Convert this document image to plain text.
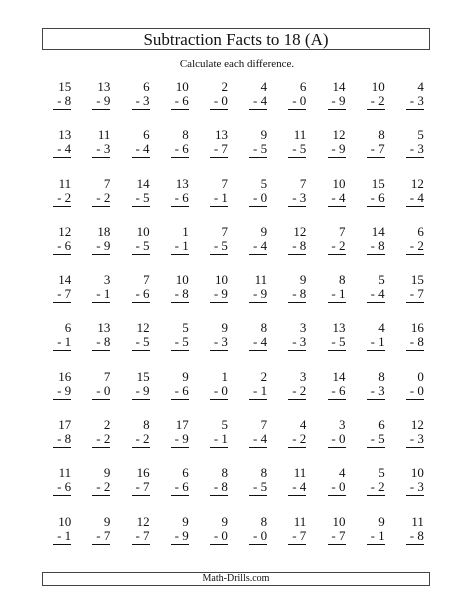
Subtraction Facts to 18 (A)
Calculate each difference.
15
- 8
13
- 9
6
- 3
10
- 6
2
- 0
4
- 4
6
- 0
14
- 9
10
- 2
4
- 3
13
- 4
11
- 3
6
- 4
8
- 6
13
- 7
9
- 5
11
- 5
12
- 9
8
- 7
5
- 3
11
- 2
7
- 2
14
- 5
13
- 6
7
- 1
5
- 0
7
- 3
10
- 4
15
- 6
12
- 4
12
- 6
18
- 9
10
- 5
1
- 1
7
- 5
9
- 4
12
- 8
7
- 2
14
- 8
6
- 2
14
- 7
3
- 1
7
- 6
10
- 8
10
- 9
11
- 9
9
- 8
8
- 1
5
- 4
15
- 7
6
- 1
13
- 8
12
- 5
5
- 5
9
- 3
8
- 4
3
- 3
13
- 5
4
- 1
16
- 8
16
- 9
7
- 0
15
- 9
9
- 6
1
- 0
2
- 1
3
- 2
14
- 6
8
- 3
0
- 0
17
- 8
2
- 2
8
- 2
17
- 9
5
- 1
7
- 4
4
- 2
3
- 0
6
- 5
12
- 3
11
- 6
9
- 2
16
- 7
6
- 6
8
- 8
8
- 5
11
- 4
4
- 0
5
- 2
10
- 3
10
- 1
9
- 7
12
- 7
9
- 9
9
- 0
8
- 0
11
- 7
10
- 7
9
- 1
11
- 8
Math-Drills.com
